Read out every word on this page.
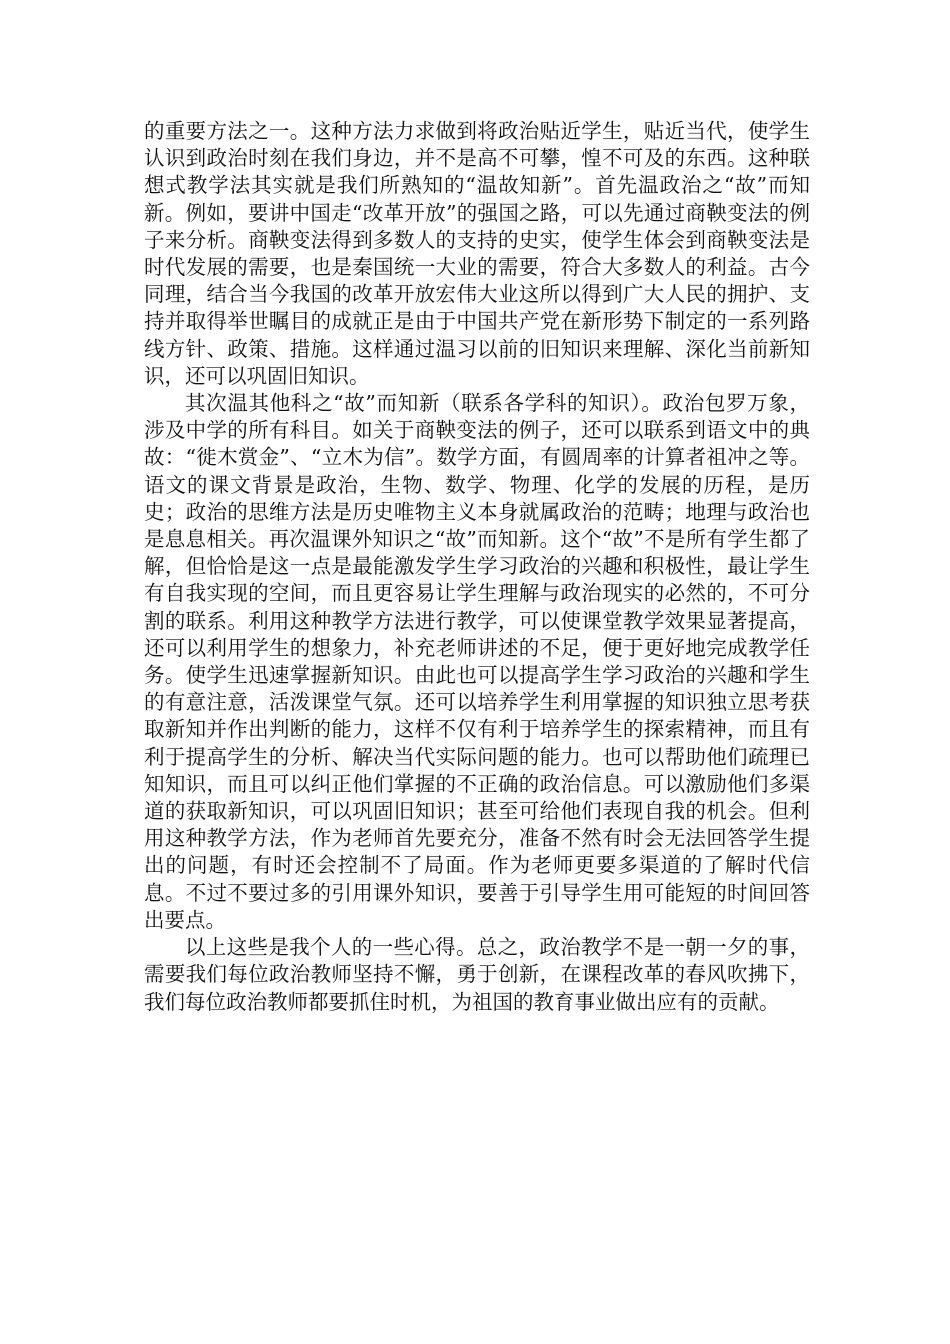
的重要方法之一。这种方法力求做到将政治贴近学生，贴近当代，使学生认识到政治时刻在我们身边，并不是高不可攀，惶不可及的东西。这种联想式教学法其实就是我们所熟知的“温故知新”。首先温政治之“故”而知新。例如，要讲中国走“改革开放”的强国之路，可以先通过商鞅变法的例子来分析。商鞅变法得到多数人的支持的史实，使学生体会到商鞅变法是时代发展的需要，也是秦国统一大业的需要，符合大多数人的利益。古今同理，结合当今我国的改革开放宏伟大业这所以得到广大人民的拥护、支持并取得举世瞩目的成就正是由于中国共产党在新形势下制定的一系列路线方针、政策、措施。这样通过温习以前的旧知识来理解、深化当前新知识，还可以巩固旧知识。

其次温其他科之“故”而知新（联系各学科的知识）。政治包罗万象，涉及中学的所有科目。如关于商鞅变法的例子，还可以联系到语文中的典故：“徙木赏金”、“立木为信”。数学方面，有圆周率的计算者祖冲之等。语文的课文背景是政治，生物、数学、物理、化学的发展的历程，是历史；政治的思维方法是历史唯物主义本身就属政治的范畴；地理与政治也是息息相关。再次温课外知识之“故”而知新。这个“故”不是所有学生都了解，但恰恰是这一点是最能激发学生学习政治的兴趣和积极性，最让学生有自我实现的空间，而且更容易让学生理解与政治现实的必然的，不可分割的联系。利用这种教学方法进行教学，可以使课堂教学效果显著提高，还可以利用学生的想象力，补充老师讲述的不足，便于更好地完成教学任务。使学生迅速掌握新知识。由此也可以提高学生学习政治的兴趣和学生的有意注意，活泼课堂气氛。还可以培养学生利用掌握的知识独立思考获取新知并作出判断的能力，这样不仅有利于培养学生的探索精神，而且有利于提高学生的分析、解决当代实际问题的能力。也可以帮助他们疏理已知知识，而且可以纠正他们掌握的不正确的政治信息。可以激励他们多渠道的获取新知识，可以巩固旧知识；甚至可给他们表现自我的机会。但利用这种教学方法，作为老师首先要充分，准备不然有时会无法回答学生提出的问题，有时还会控制不了局面。作为老师更要多渠道的了解时代信息。不过不要过多的引用课外知识，要善于引导学生用可能短的时间回答出要点。

以上这些是我个人的一些心得。总之，政治教学不是一朝一夕的事，需要我们每位政治教师坚持不懈，勇于创新，在课程改革的春风吹拂下，我们每位政治教师都要抓住时机，为祖国的教育事业做出应有的贡献。
